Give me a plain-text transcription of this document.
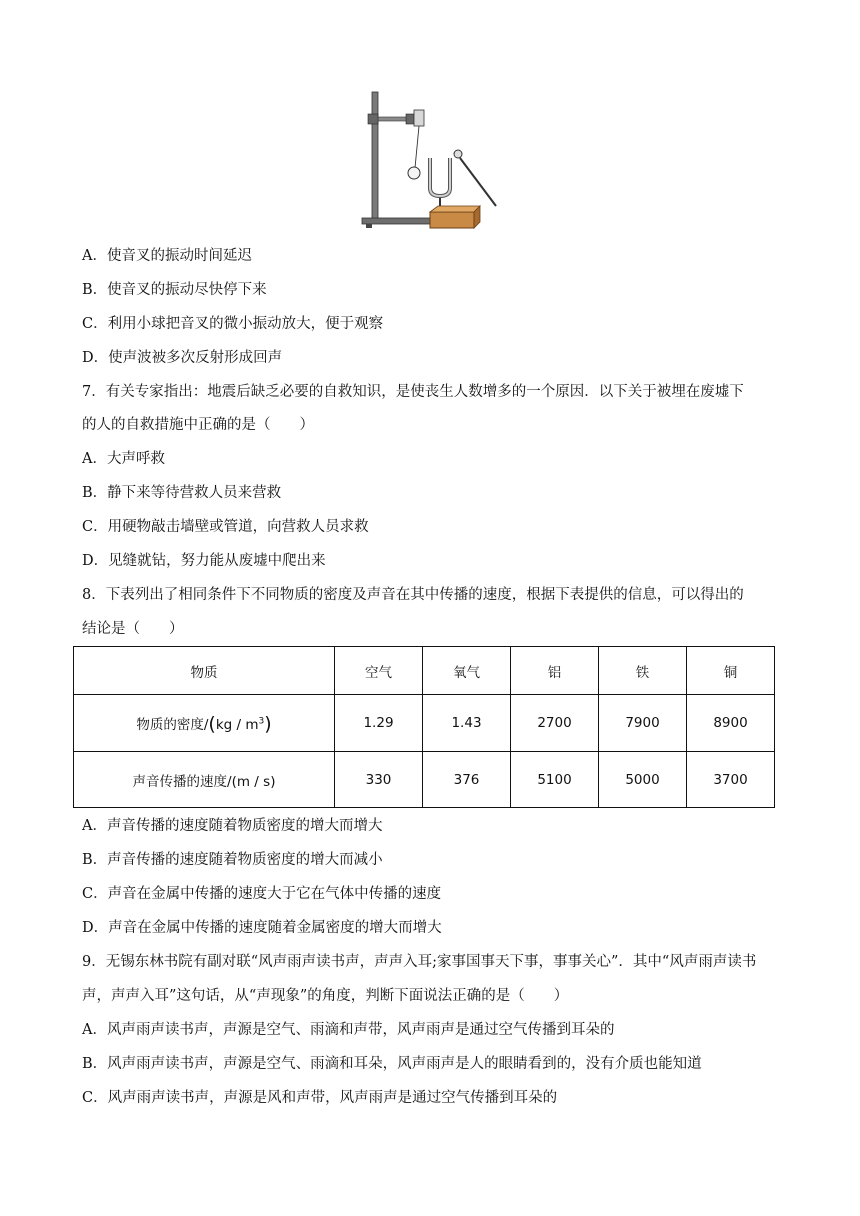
A．使音叉的振动时间延迟
B．使音叉的振动尽快停下来
C．利用小球把音叉的微小振动放大，便于观察
D．使声波被多次反射形成回声
7．有关专家指出：地震后缺乏必要的自救知识，是使丧生人数增多的一个原因．以下关于被埋在废墟下
的人的自救措施中正确的是（　　）
A．大声呼救
B．静下来等待营救人员来营救
C．用硬物敲击墙壁或管道，向营救人员求救
D．见缝就钻，努力能从废墟中爬出来
8．下表列出了相同条件下不同物质的密度及声音在其中传播的速度，根据下表提供的信息，可以得出的
结论是（　　）
物质	空气	氧气	铝	铁	铜
物质的密度$/(kg / m^3)$	1.29	1.43	2700	7900	8900
声音传播的速度/(m / s)	330	376	5100	5000	3700
A．声音传播的速度随着物质密度的增大而增大
B．声音传播的速度随着物质密度的增大而减小
C．声音在金属中传播的速度大于它在气体中传播的速度
D．声音在金属中传播的速度随着金属密度的增大而增大
9．无锡东林书院有副对联“风声雨声读书声，声声入耳;家事国事天下事，事事关心”．其中“风声雨声读书
声，声声入耳”这句话，从“声现象”的角度，判断下面说法正确的是（　　）
A．风声雨声读书声，声源是空气、雨滴和声带，风声雨声是通过空气传播到耳朵的
B．风声雨声读书声，声源是空气、雨滴和耳朵，风声雨声是人的眼睛看到的，没有介质也能知道
C．风声雨声读书声，声源是风和声带，风声雨声是通过空气传播到耳朵的
